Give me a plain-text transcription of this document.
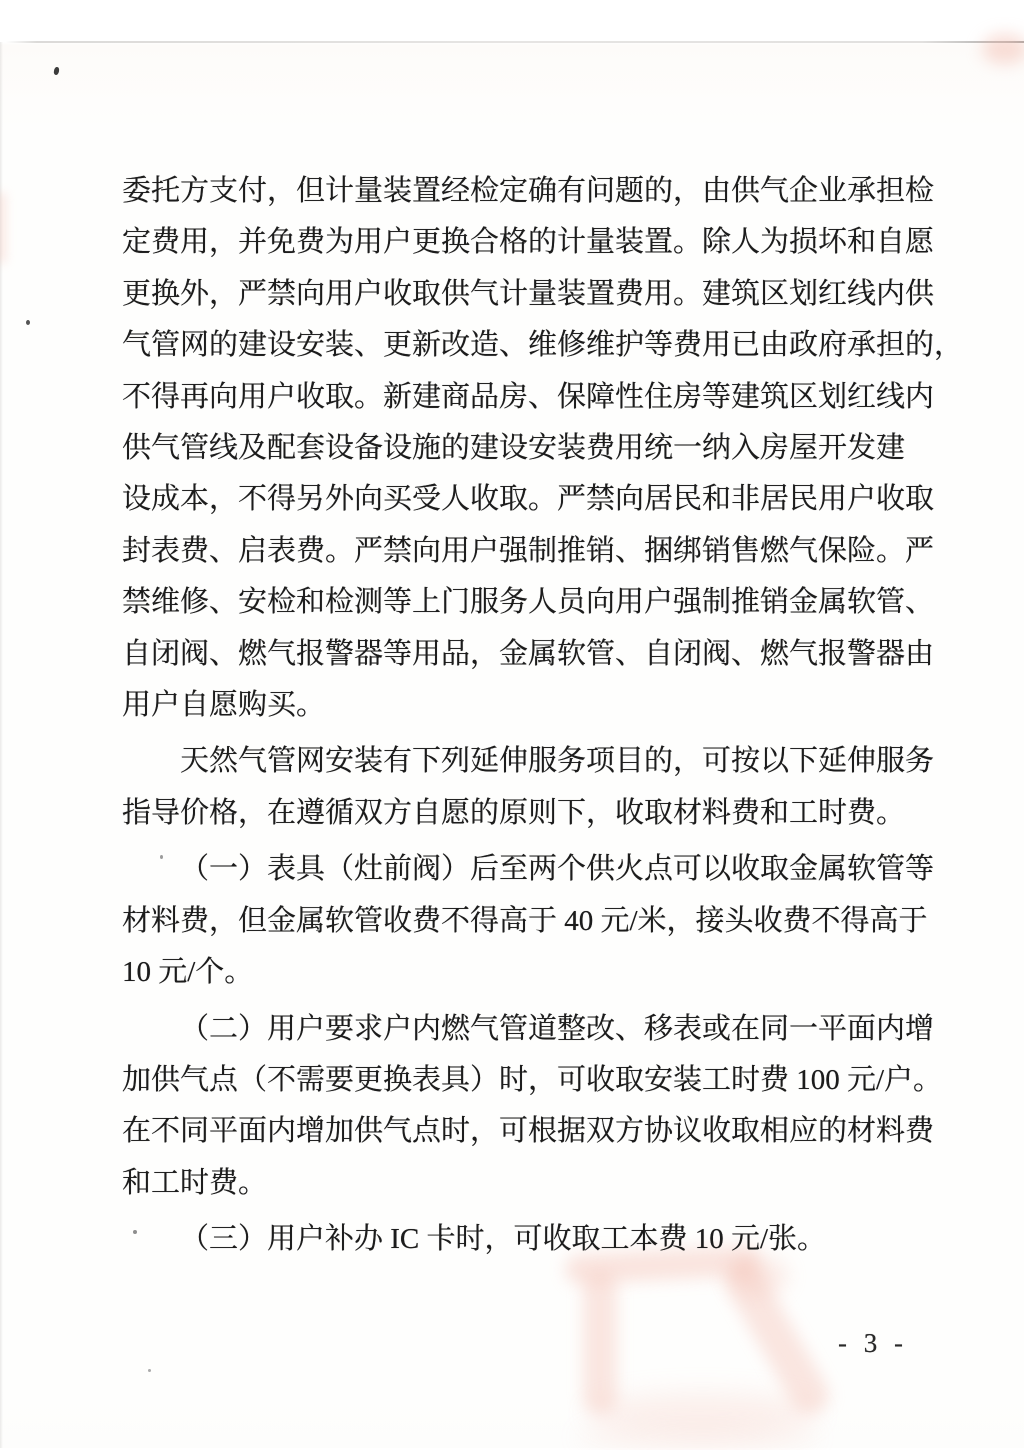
委托方支付，但计量装置经检定确有问题的，由供气企业承担检
定费用，并免费为用户更换合格的计量装置。除人为损坏和自愿
更换外，严禁向用户收取供气计量装置费用。建筑区划红线内供
气管网的建设安装、更新改造、维修维护等费用已由政府承担的，
不得再向用户收取。新建商品房、保障性住房等建筑区划红线内
供气管线及配套设备设施的建设安装费用统一纳入房屋开发建
设成本，不得另外向买受人收取。严禁向居民和非居民用户收取
封表费、启表费。严禁向用户强制推销、捆绑销售燃气保险。严
禁维修、安检和检测等上门服务人员向用户强制推销金属软管、
自闭阀、燃气报警器等用品，金属软管、自闭阀、燃气报警器由
用户自愿购买。
天然气管网安装有下列延伸服务项目的，可按以下延伸服务
指导价格，在遵循双方自愿的原则下，收取材料费和工时费。
（一）表具（灶前阀）后至两个供火点可以收取金属软管等
材料费，但金属软管收费不得高于 40 元/米，接头收费不得高于
10 元/个。
（二）用户要求户内燃气管道整改、移表或在同一平面内增
加供气点（不需要更换表具）时，可收取安装工时费 100 元/户。
在不同平面内增加供气点时，可根据双方协议收取相应的材料费
和工时费。
（三）用户补办 IC 卡时，可收取工本费 10 元/张。
- 3 -
